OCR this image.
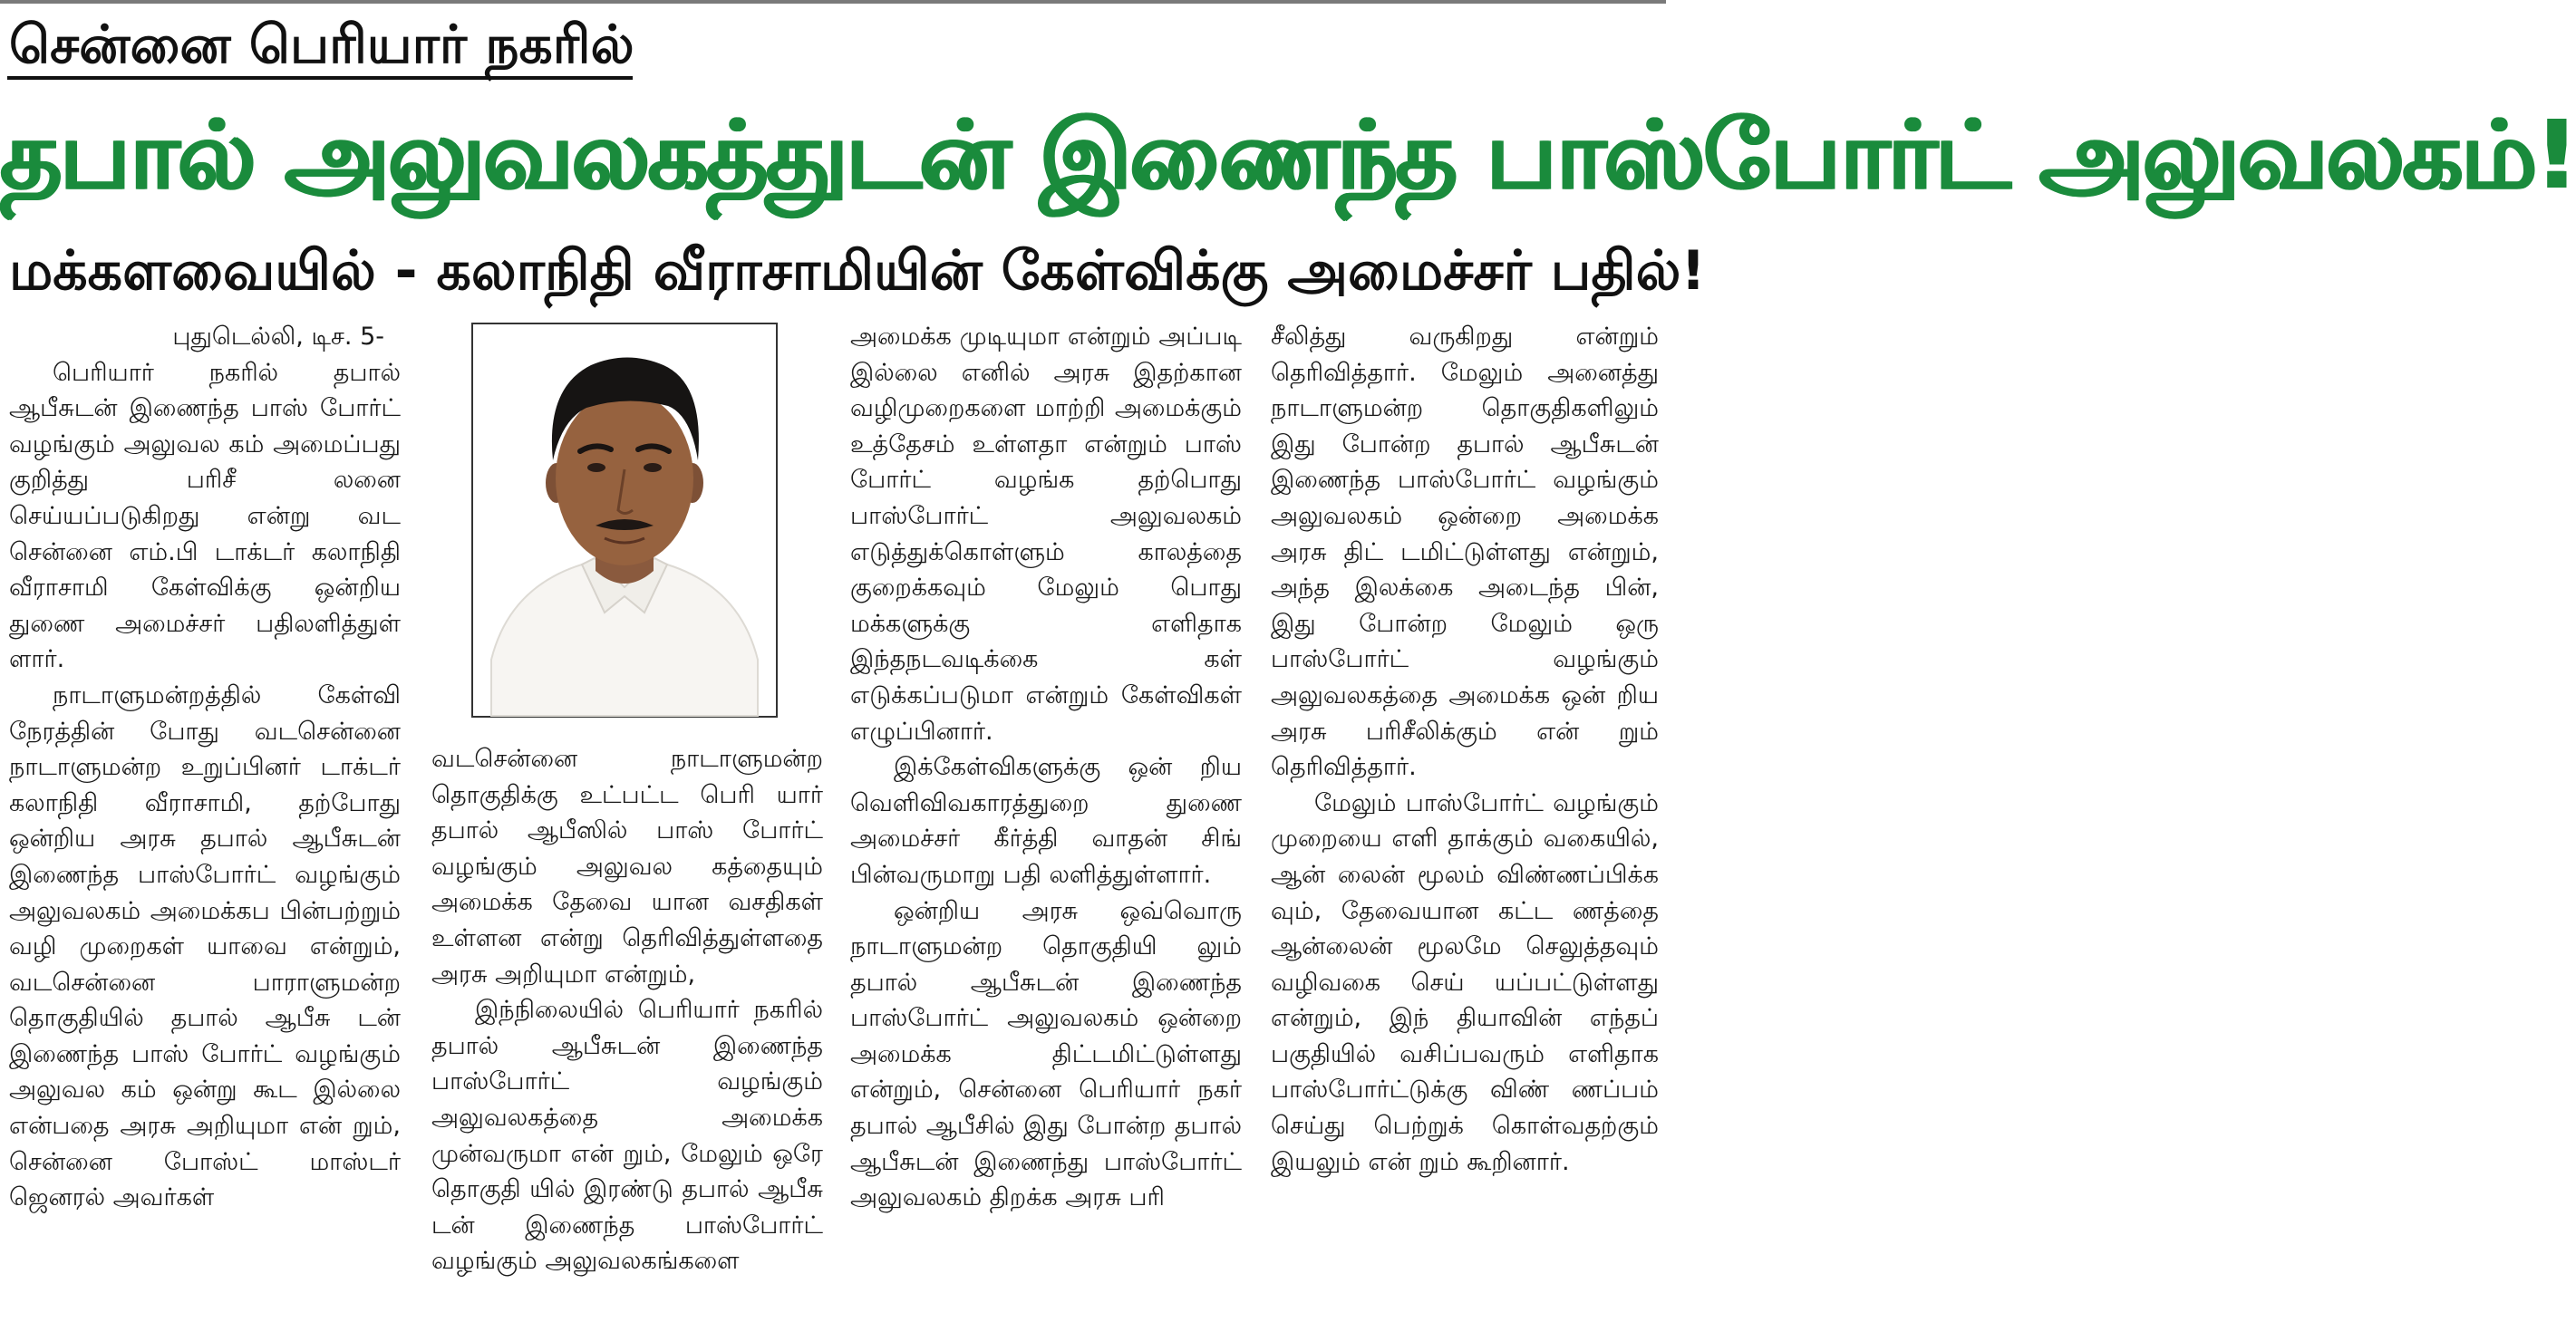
சென்னை பெரியார் நகரில்
தபால் அலுவலகத்துடன் இணைந்த பாஸ்போர்ட் அலுவலகம்!
மக்களவையில் - கலாநிதி வீராசாமியின் கேள்விக்கு அமைச்சர் பதில்!

புதுடெல்லி, டிச. 5-

பெரியார் நகரில் தபால் ஆபீசுடன் இணைந்த பாஸ் போர்ட் வழங்கும் அலுவல கம் அமைப்பது குறித்து பரிசீ லனை செய்யப்படுகிறது என்று வட சென்னை எம்.பி டாக்டர் கலாநிதி வீராசாமி கேள்விக்கு ஒன்றிய துணை அமைச்சர் பதிலளித்துள் ளார்.

நாடாளுமன்றத்தில் கேள்வி நேரத்தின் போது வடசென்னை நாடாளுமன்ற உறுப்பினர் டாக்டர் கலாநிதி வீராசாமி, தற்போது ஒன்றிய அரசு தபால் ஆபீசுடன் இணைந்த பாஸ்போர்ட் வழங்கும் அலுவலகம் அமைக்கப பின்பற்றும் வழி முறைகள் யாவை என்றும், வடசென்னை பாராளுமன்ற தொகுதியில் தபால் ஆபீசு டன் இணைந்த பாஸ் போர்ட் வழங்கும் அலுவல கம் ஒன்று கூட இல்லை என்பதை அரசு அறியுமா என் றும், சென்னை போஸ்ட் மாஸ்டர் ஜெனரல் அவர்கள்

வடசென்னை நாடாளுமன்ற தொகுதிக்கு உட்பட்ட பெரி யார் தபால் ஆபீஸில் பாஸ் போர்ட் வழங்கும் அலுவல கத்தையும் அமைக்க தேவை யான வசதிகள் உள்ளன என்று தெரிவித்துள்ளதை அரசு அறியுமா என்றும்,

இந்நிலையில் பெரியார் நகரில் தபால் ஆபீசுடன் இணைந்த பாஸ்போர்ட் வழங்கும் அலுவலகத்தை அமைக்க முன்வருமா என் றும், மேலும் ஒரே தொகுதி யில் இரண்டு தபால் ஆபீசு டன் இணைந்த பாஸ்போர்ட் வழங்கும் அலுவலகங்களை

அமைக்க முடியுமா என்றும் அப்படி இல்லை எனில் அரசு இதற்கான வழிமுறைகளை மாற்றி அமைக்கும் உத்தேசம் உள்ளதா என்றும் பாஸ் போர்ட் வழங்க தற்பொது பாஸ்போர்ட் அலுவலகம் எடுத்துக்கொள்ளும் காலத்தை குறைக்கவும் மேலும் பொது மக்களுக்கு எளிதாக இந்தநடவடிக்கை கள் எடுக்கப்படுமா என்றும் கேள்விகள் எழுப்பினார்.

இக்கேள்விகளுக்கு ஒன் றிய வெளிவிவகாரத்துறை துணை அமைச்சர் கீர்த்தி வாதன் சிங் பின்வருமாறு பதி லளித்துள்ளார்.

ஒன்றிய அரசு ஒவ்வொரு நாடாளுமன்ற தொகுதியி லும் தபால் ஆபீசுடன் இணைந்த பாஸ்போர்ட் அலுவலகம் ஒன்றை அமைக்க திட்டமிட்டுள்ளது என்றும், சென்னை பெரியார் நகர் தபால் ஆபீசில் இது போன்ற தபால் ஆபீசுடன் இணைந்து பாஸ்போர்ட் அலுவலகம் திறக்க அரசு பரி

சீலித்து வருகிறது என்றும் தெரிவித்தார். மேலும் அனைத்து நாடாளுமன்ற தொகுதிகளிலும் இது போன்ற தபால் ஆபீசுடன் இணைந்த பாஸ்போர்ட் வழங்கும் அலுவலகம் ஒன்றை அமைக்க அரசு திட் டமிட்டுள்ளது என்றும், அந்த இலக்கை அடைந்த பின், இது போன்ற மேலும் ஒரு பாஸ்போர்ட் வழங்கும் அலுவலகத்தை அமைக்க ஒன் றிய அரசு பரிசீலிக்கும் என் றும் தெரிவித்தார்.

மேலும் பாஸ்போர்ட் வழங்கும் முறையை எளி தாக்கும் வகையில், ஆன் லைன் மூலம் விண்ணப்பிக்க வும், தேவையான கட்ட ணத்தை ஆன்லைன் மூலமே செலுத்தவும் வழிவகை செய் யப்பட்டுள்ளது என்றும், இந் தியாவின் எந்தப் பகுதியில் வசிப்பவரும் எளிதாக பாஸ்போர்ட்டுக்கு விண் ணப்பம் செய்து பெற்றுக் கொள்வதற்கும் இயலும் என் றும் கூறினார்.
